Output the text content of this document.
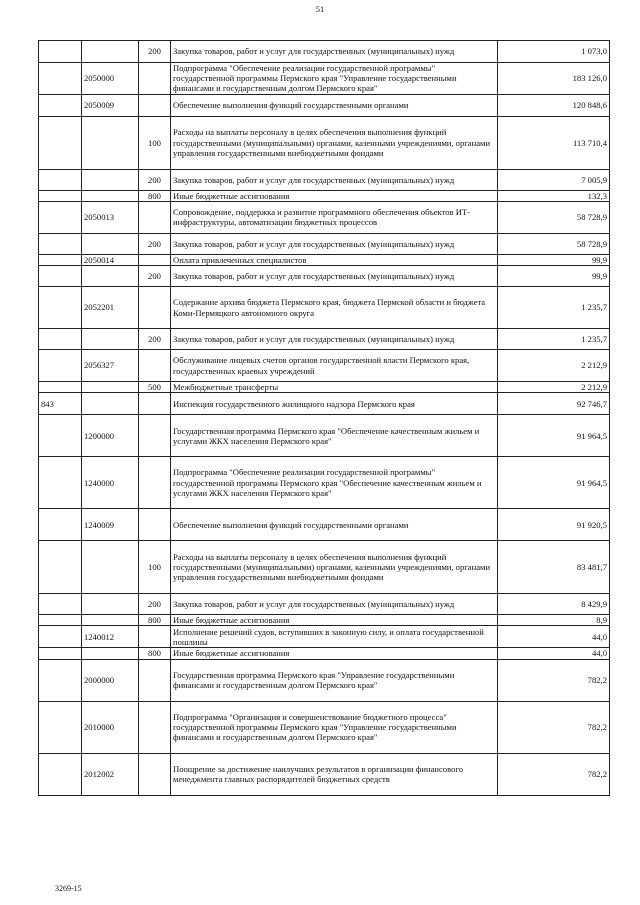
51
		200	Закупка товаров, работ и услуг для государственных (муниципальных) нужд	1 073,0
	2050000		Подпрограмма "Обеспечение реализации государственной программы" государственной программы Пермского края "Управление государственными финансами и государственным долгом Пермского края"	183 126,0
	2050009		Обеспечение выполнения функций государственными органами	120 848,6
		100	Расходы на выплаты персоналу в целях обеспечения выполнения функций государственными (муниципальными) органами, казенными учреждениями, органами управления государственными внебюджетными фондами	113 710,4
		200	Закупка товаров, работ и услуг для государственных (муниципальных) нужд	7 005,9
		800	Иные бюджетные ассигнования	132,3
	2050013		Сопровождение, поддержка и развитие программного обеспечения объектов ИТ-инфраструктуры, автоматизации бюджетных процессов	58 728,9
		200	Закупка товаров, работ и услуг для государственных (муниципальных) нужд	58 728,9
	2050014		Оплата привлеченных специалистов	99,9
		200	Закупка товаров, работ и услуг для государственных (муниципальных) нужд	99,9
	2052201		Содержание архива бюджета Пермского края, бюджета Пермской области и бюджета Коми-Пермяцкого автономного округа	1 235,7
		200	Закупка товаров, работ и услуг для государственных (муниципальных) нужд	1 235,7
	2056327		Обслуживание лицевых счетов органов государственной власти Пермского края, государственных краевых учреждений	2 212,9
		500	Межбюджетные трансферты	2 212,9
843			Инспекция государственного жилищного надзора Пермского края	92 746,7
	1200000		Государственная программа Пермского края "Обеспечение качественным жильем и услугами ЖКХ населения Пермского края"	91 964,5
	1240000		Подпрограмма "Обеспечение реализации государственной программы" государственной программы Пермского края "Обеспечение качественным жильем и услугами ЖКХ населения Пермского края"	91 964,5
	1240009		Обеспечение выполнения функций государственными органами	91 920,5
		100	Расходы на выплаты персоналу в целях обеспечения выполнения функций государственными (муниципальными) органами, казенными учреждениями, органами управления государственными внебюджетными фондами	83 481,7
		200	Закупка товаров, работ и услуг для государственных (муниципальных) нужд	8 429,9
		800	Иные бюджетные ассигнования	8,9
	1240012		Исполнение решений судов, вступивших в законную силу, и оплата государственной пошлины	44,0
		800	Иные бюджетные ассигнования	44,0
	2000000		Государственная программа Пермского края "Управление государственными финансами и государственным долгом Пермского края"	782,2
	2010000		Подпрограмма "Организация и совершенствование бюджетного процесса" государственной программы Пермского края "Управление государственными финансами и государственным долгом Пермского края"	782,2
	2012002		Поощрение за достижение наилучших результатов в организации финансового менеджмента главных распорядителей бюджетных средств	782,2
3269-15
